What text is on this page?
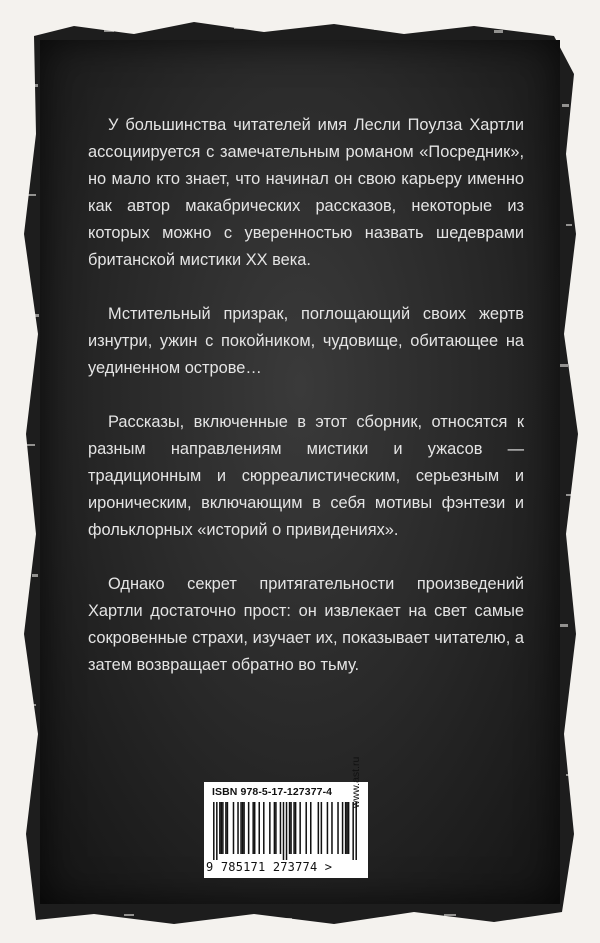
У большинства читателей имя Лесли Поулза Хартли ассоциируется с замечательным романом «Посредник», но мало кто знает, что начинал он свою карьеру именно как автор макабрических рассказов, некоторые из которых можно с уверенностью назвать шедеврами британской мистики XX века.

Мстительный призрак, поглощающий своих жертв изнутри, ужин с покойником, чудовище, обитающее на уединенном острове…

Рассказы, включенные в этот сборник, относятся к разным направлениям мистики и ужасов — традиционным и сюрреалистическим, серьезным и ироническим, включающим в себя мотивы фэнтези и фольклорных «историй о привидениях».

Однако секрет притягательности произведений Хартли достаточно прост: он извлекает на свет самые сокровенные страхи, изучает их, показывает читателю, а затем возвращает обратно во тьму.

ISBN 978-5-17-127377-4
9 785171 273774 >
www.ast.ru
